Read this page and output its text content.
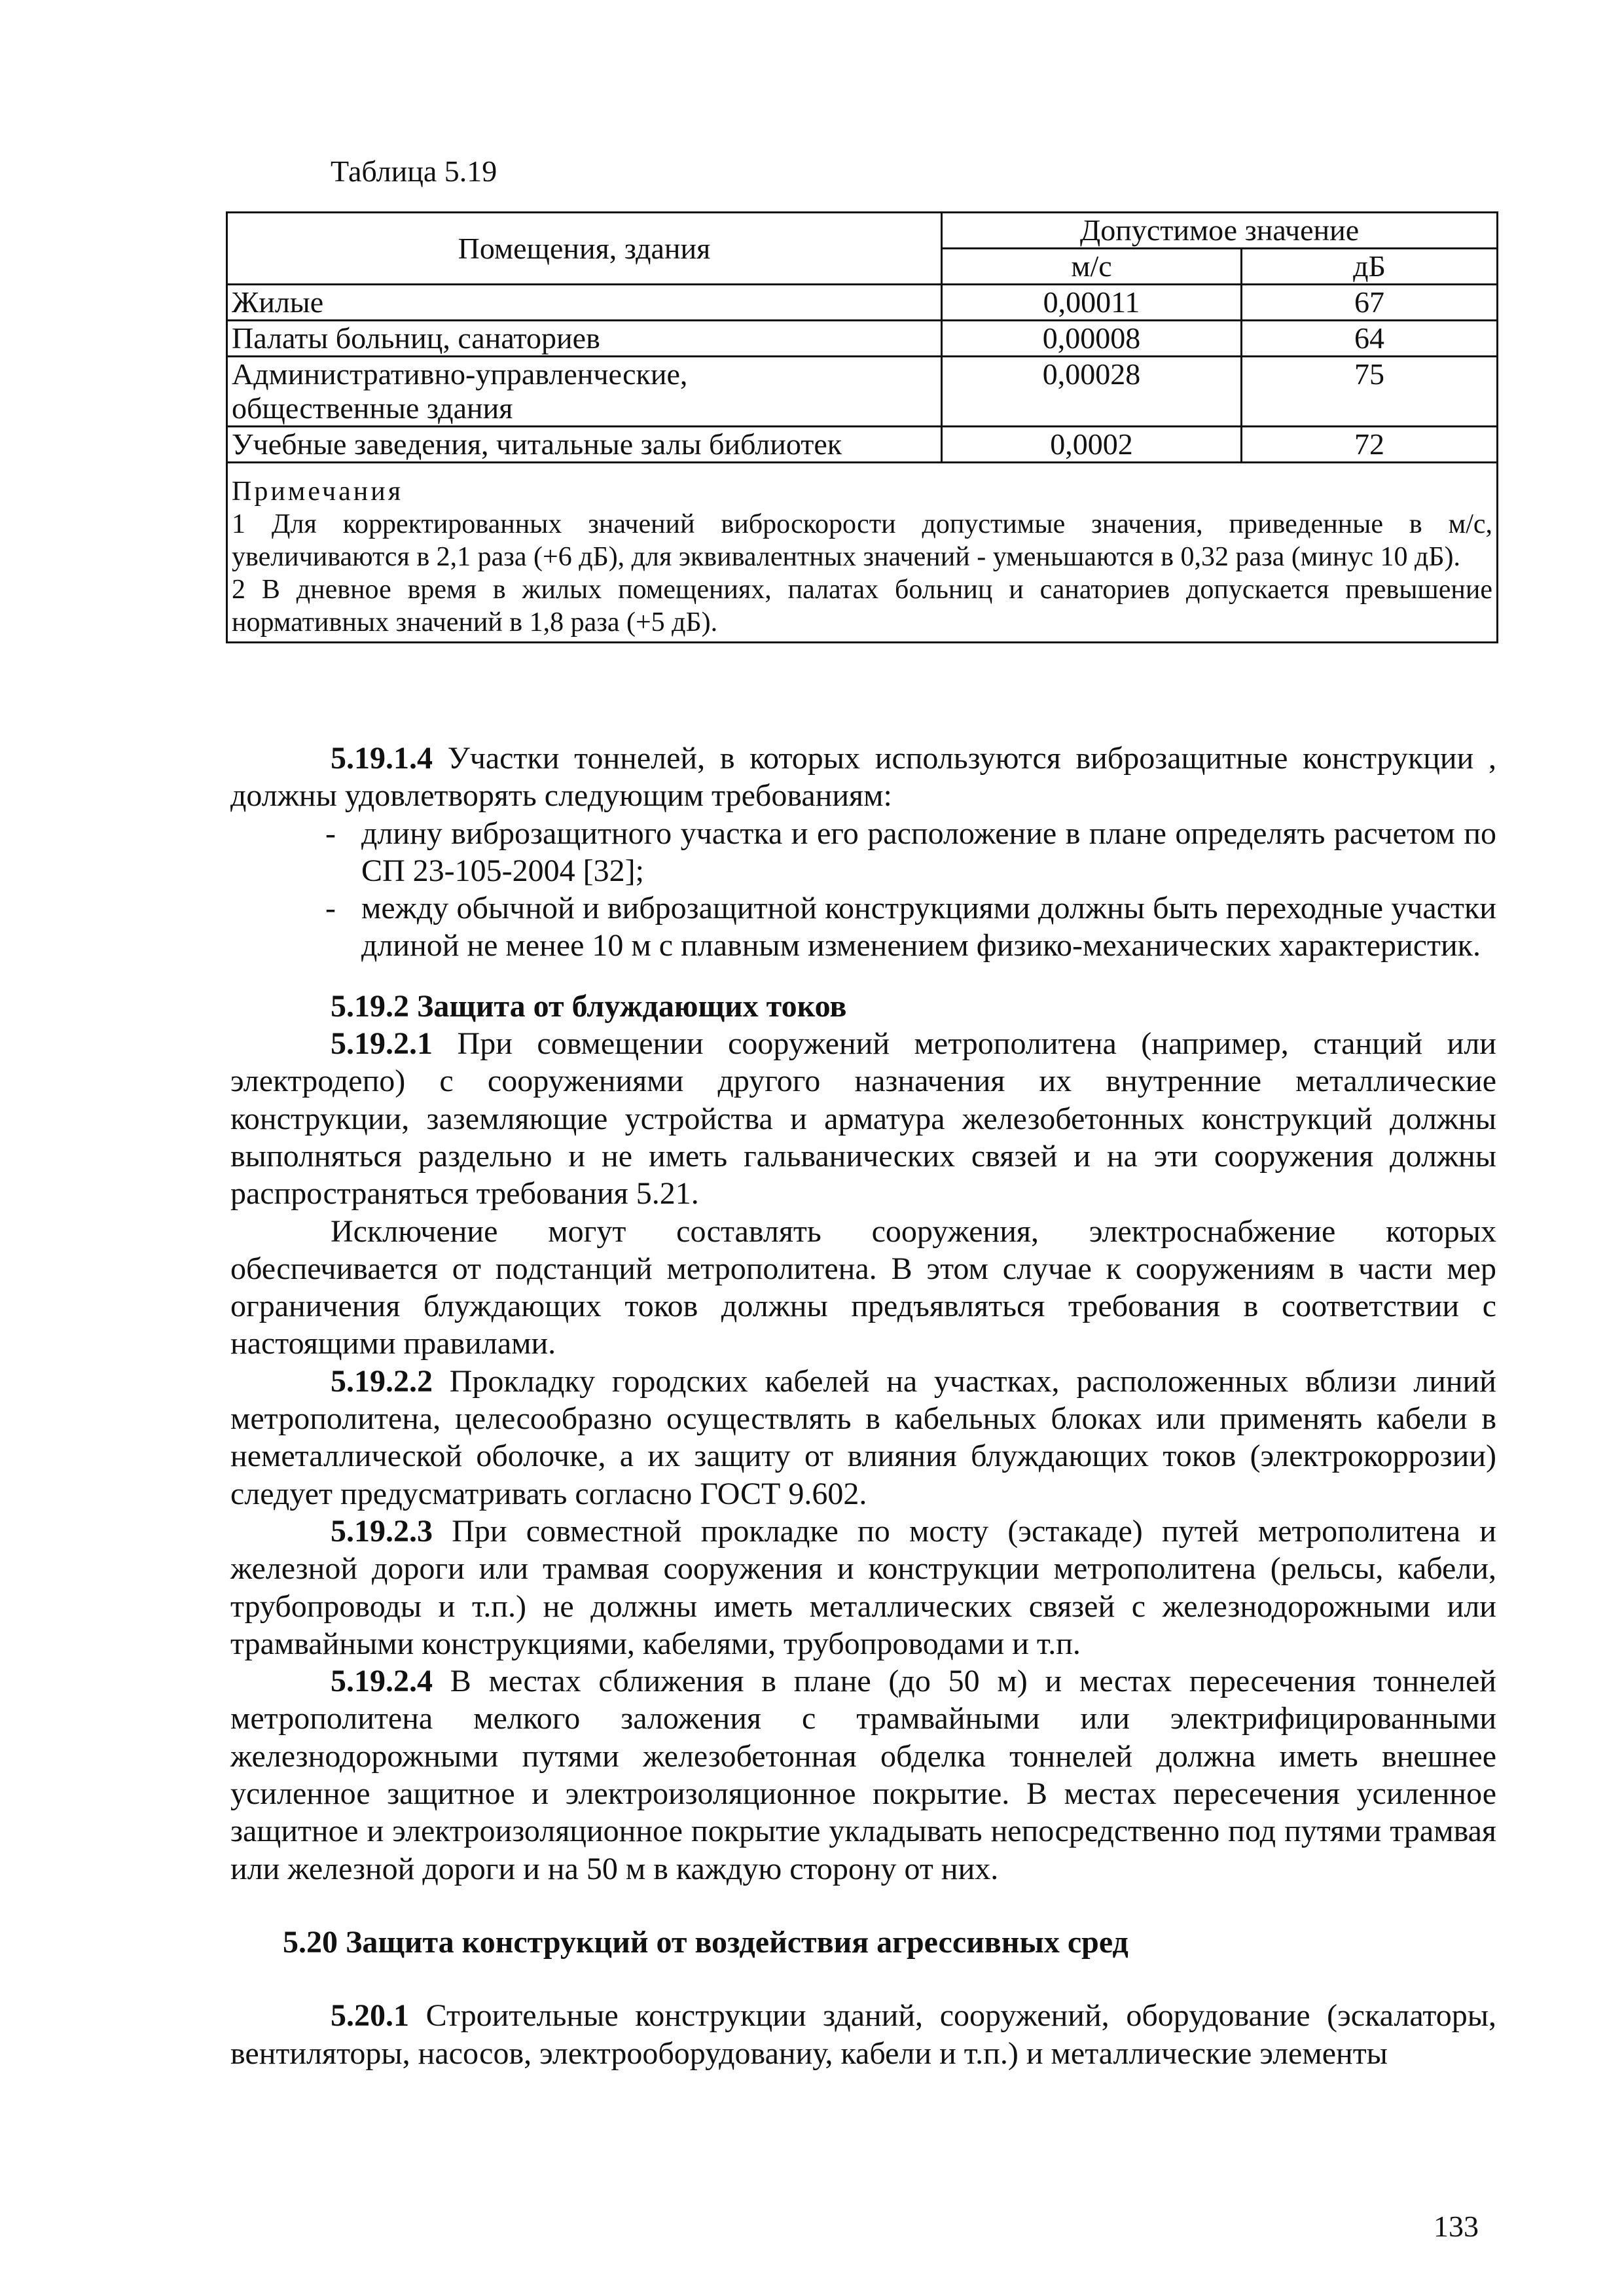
Таблица 5.19
Помещения, здания	Допустимое значение	
	м/с	дБ
Жилые	0,00011	67
Палаты больниц, санаториев	0,00008	64
Административно-управленческие,
общественные здания	0,00028	75
Учебные заведения, читальные залы библиотек	0,0002	72

Примечания

1 Для корректированных значений виброскорости допустимые значения, приведенные в м/с, увеличиваются в 2,1 раза (+6 дБ), для эквивалентных значений - уменьшаются в 0,32 раза (минус 10 дБ).

2 В дневное время в жилых помещениях, палатах больниц и санаториев допускается превышение нормативных значений в 1,8 раза (+5 дБ).		

5.19.1.4 Участки тоннелей, в которых используются виброзащитные конструкции , должны удовлетворять следующим требованиям:

- длину виброзащитного участка и его расположение в плане определять расчетом по СП 23-105-2004 [32];
- между обычной и виброзащитной конструкциями должны быть переходные участки длиной не менее 10 м с плавным изменением физико-механических характеристик.

5.19.2 Защита от блуждающих токов

5.19.2.1 При совмещении сооружений метрополитена (например, станций или электродепо) с сооружениями другого назначения их внутренние металлические конструкции, заземляющие устройства и арматура железобетонных конструкций должны выполняться раздельно и не иметь гальванических связей и на эти сооружения должны распространяться требования 5.21.

Исключение могут составлять сооружения, электроснабжение которых обеспечивается от подстанций метрополитена. В этом случае к сооружениям в части мер ограничения блуждающих токов должны предъявляться требования в соответствии с настоящими правилами.

5.19.2.2 Прокладку городских кабелей на участках, расположенных вблизи линий метрополитена, целесообразно осуществлять в кабельных блоках или применять кабели в неметаллической оболочке, а их защиту от влияния блуждающих токов (электрокоррозии) следует предусматривать согласно ГОСТ 9.602.

5.19.2.3 При совместной прокладке по мосту (эстакаде) путей метрополитена и железной дороги или трамвая сооружения и конструкции метрополитена (рельсы, кабели, трубопроводы и т.п.) не должны иметь металлических связей с железнодорожными или трамвайными конструкциями, кабелями, трубопроводами и т.п.

5.19.2.4 В местах сближения в плане (до 50 м) и местах пересечения тоннелей метрополитена мелкого заложения с трамвайными или электрифицированными железнодорожными путями железобетонная обделка тоннелей должна иметь внешнее усиленное защитное и электроизоляционное покрытие. В местах пересечения усиленное защитное и электроизоляционное покрытие укладывать непосредственно под путями трамвая или железной дороги и на 50 м в каждую сторону от них.

5.20 Защита конструкций от воздействия агрессивных сред

5.20.1 Строительные конструкции зданий, сооружений, оборудование (эскалаторы, вентиляторы, насосов, электрооборудованиу, кабели и т.п.) и металлические элементы

133
